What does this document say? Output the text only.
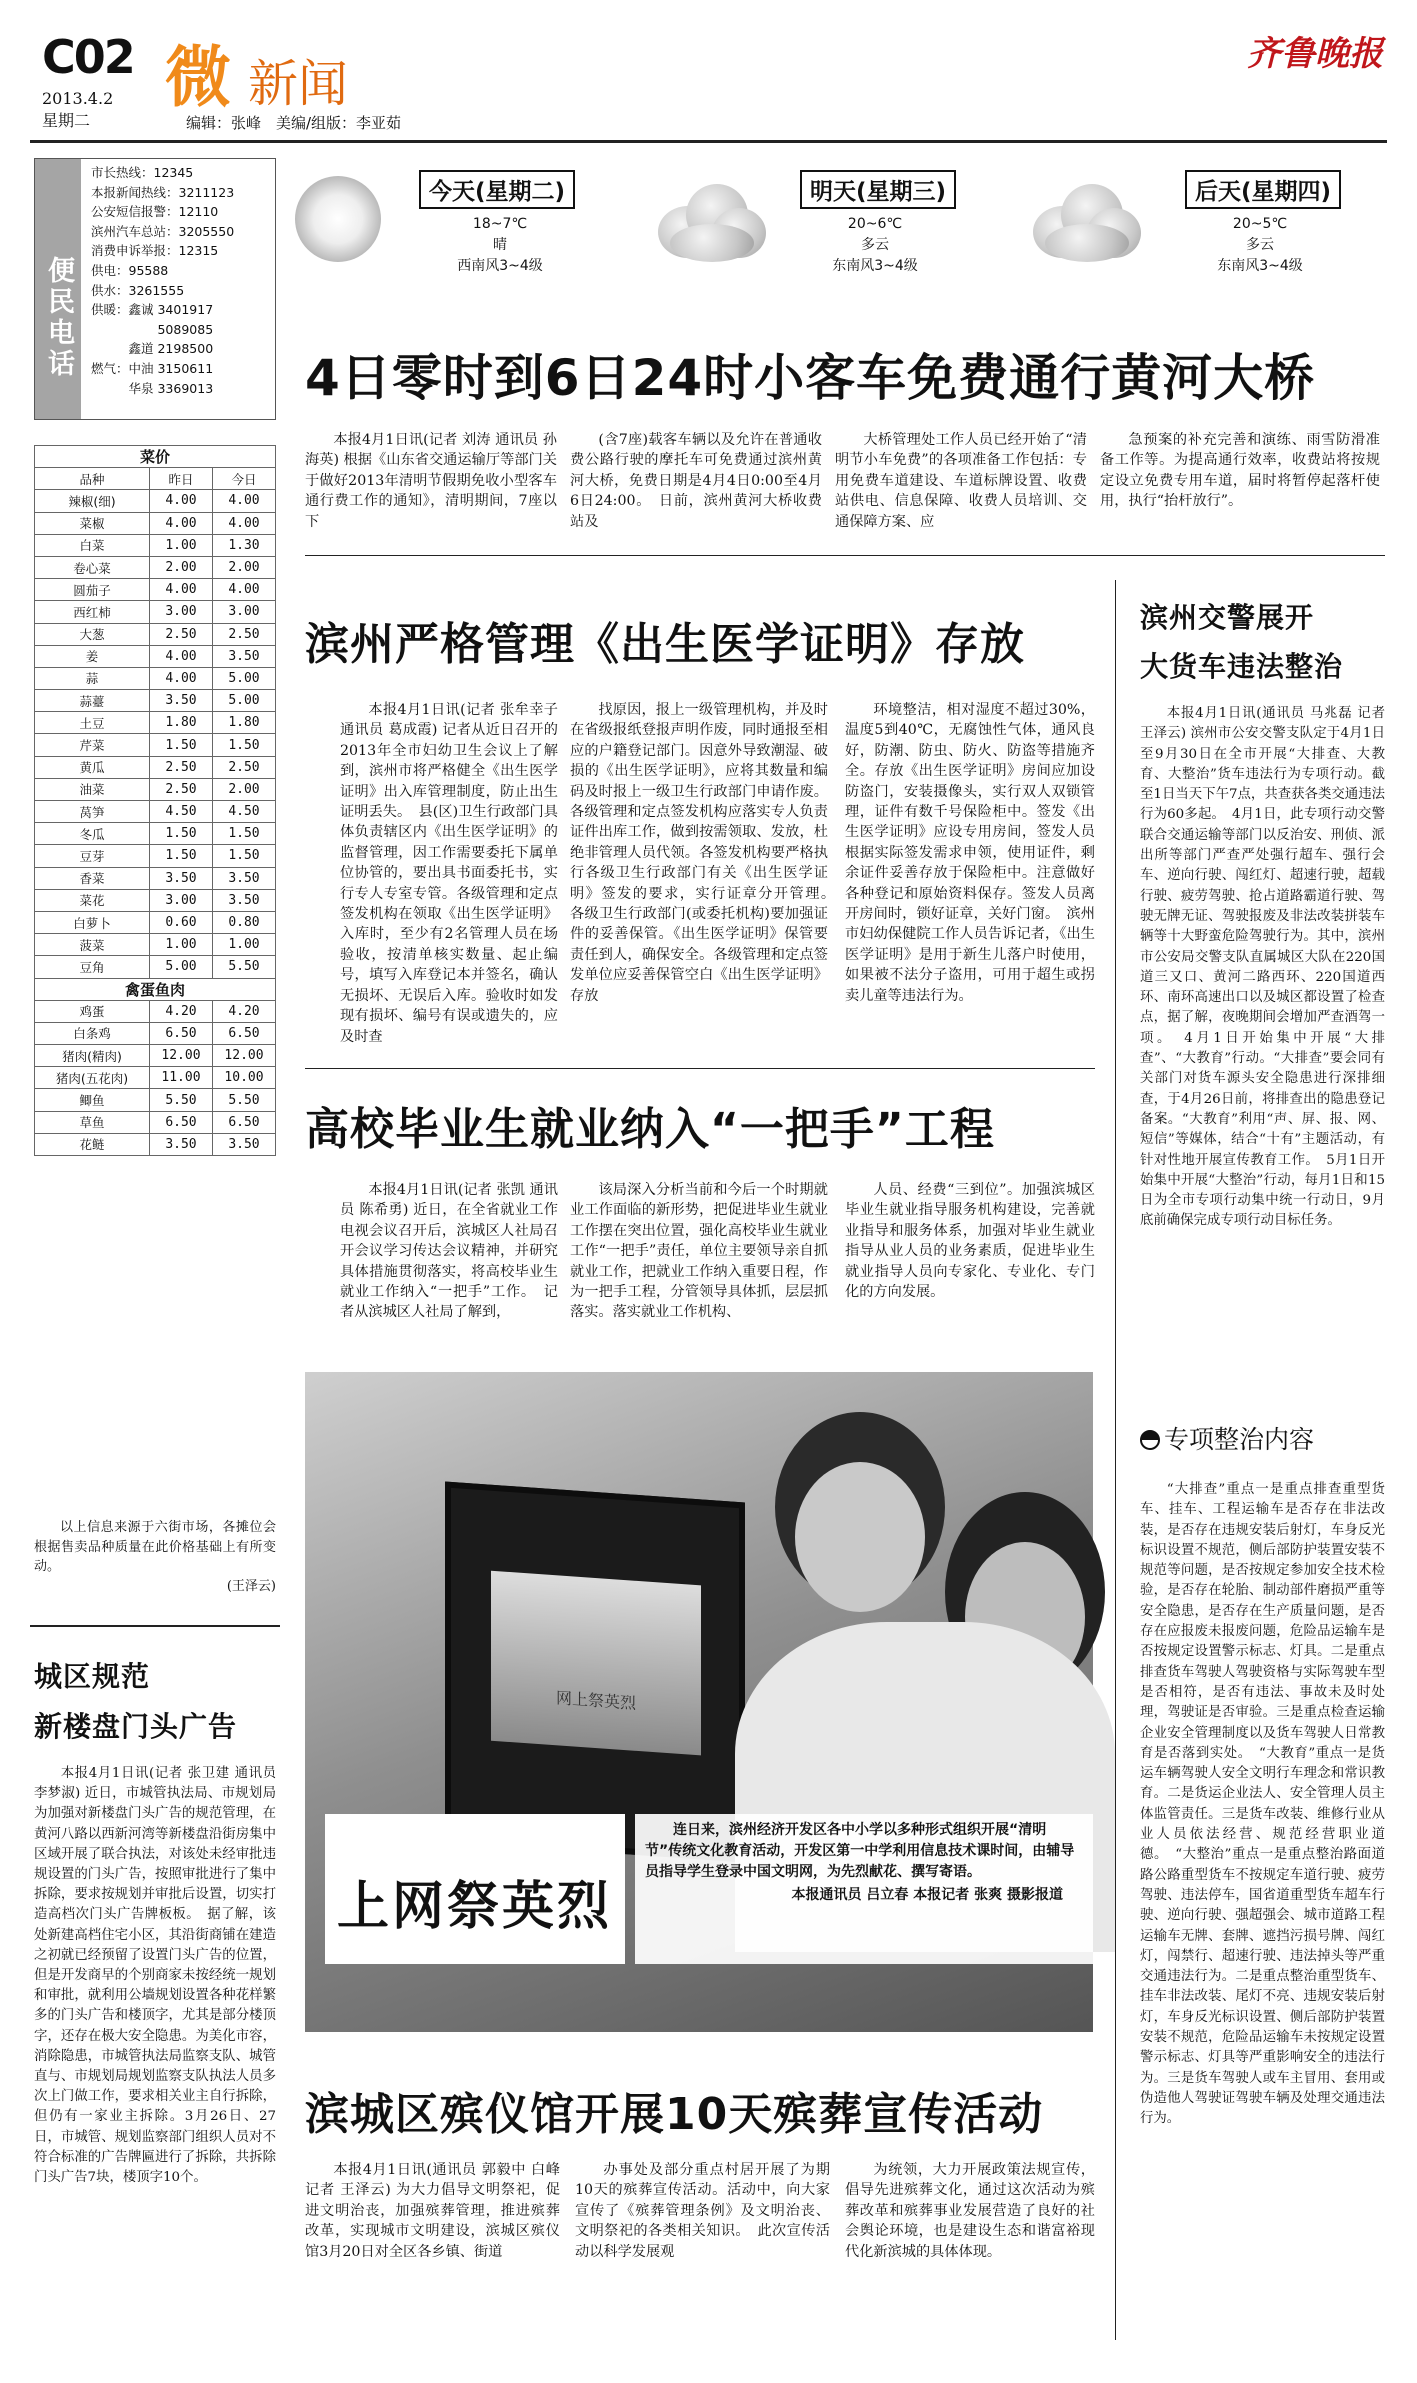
C02
2013.4.2
星期二
微 新闻
编辑：张峰　美编/组版：李亚茹
齐鲁晚报
便民电话
市长热线：12345
本报新闻热线：3211123
公安短信报警：12110
滨州汽车总站：3205550
消费申诉举报：12315
供电：95588
供水：3261555
供暖：鑫诚 3401917
　　　　　 5089085
　　　鑫道 2198500
燃气：中油 3150611
　　　华泉 3369013
今天(星期二)
18~7℃
晴
西南风3~4级
明天(星期三)
20~6℃
多云
东南风3~4级
后天(星期四)
20~5℃
多云
东南风3~4级
4日零时到6日24时小客车免费通行黄河大桥
本报4月1日讯(记者 刘涛 通讯员 孙海英) 根据《山东省交通运输厅等部门关于做好2013年清明节假期免收小型客车通行费工作的通知》，清明期间，7座以下
(含7座)载客车辆以及允许在普通收费公路行驶的摩托车可免费通过滨州黄河大桥，免费日期是4月4日0:00至4月6日24:00。　日前，滨州黄河大桥收费站及
大桥管理处工作人员已经开始了“清明节小车免费”的各项准备工作包括：专用免费车道建设、车道标牌设置、收费站供电、信息保障、收费人员培训、交通保障方案、应
急预案的补充完善和演练、雨雪防滑准备工作等。为提高通行效率，收费站将按规定设立免费专用车道，届时将暂停起落杆使用，执行“抬杆放行”。
滨州严格管理《出生医学证明》存放
本报4月1日讯(记者 张牟幸子 通讯员 葛成霞) 记者从近日召开的2013年全市妇幼卫生会议上了解到，滨州市将严格健全《出生医学证明》出入库管理制度，防止出生证明丢失。　县(区)卫生行政部门具体负责辖区内《出生医学证明》的监督管理，因工作需要委托下属单位协管的，要出具书面委托书，实行专人专室专管。各级管理和定点签发机构在领取《出生医学证明》入库时，至少有2名管理人员在场验收，按清单核实数量、起止编号，填写入库登记本并签名，确认无损坏、无误后入库。验收时如发现有损坏、编号有误或遗失的，应及时查
找原因，报上一级管理机构，并及时在省级报纸登报声明作废，同时通报至相应的户籍登记部门。因意外导致潮湿、破损的《出生医学证明》，应将其数量和编码及时报上一级卫生行政部门申请作废。各级管理和定点签发机构应落实专人负责证件出库工作，做到按需领取、发放，杜绝非管理人员代领。各签发机构要严格执行各级卫生行政部门有关《出生医学证明》签发的要求，实行证章分开管理。　各级卫生行政部门(或委托机构)要加强证件的妥善保管。《出生医学证明》保管要责任到人，确保安全。各级管理和定点签发单位应妥善保管空白《出生医学证明》存放
环境整洁，相对湿度不超过30%，温度5到40℃，无腐蚀性气体，通风良好，防潮、防虫、防火、防盗等措施齐全。存放《出生医学证明》房间应加设防盗门，安装摄像头，实行双人双锁管理，证件有数千号保险柜中。签发《出生医学证明》应设专用房间，签发人员根据实际签发需求申领，使用证件，剩余证件妥善存放于保险柜中。注意做好各种登记和原始资料保存。签发人员离开房间时，锁好证章，关好门窗。　滨州市妇幼保健院工作人员告诉记者，《出生医学证明》是用于新生儿落户时使用，如果被不法分子盗用，可用于超生或拐卖儿童等违法行为。
高校毕业生就业纳入“一把手”工程
本报4月1日讯(记者 张凯 通讯员 陈希勇) 近日，在全省就业工作电视会议召开后，滨城区人社局召开会议学习传达会议精神，并研究具体措施贯彻落实，将高校毕业生就业工作纳入“一把手”工作。　记者从滨城区人社局了解到，
该局深入分析当前和今后一个时期就业工作面临的新形势，把促进毕业生就业工作摆在突出位置，强化高校毕业生就业工作“一把手”责任，单位主要领导亲自抓就业工作，把就业工作纳入重要日程，作为一把手工程，分管领导具体抓，层层抓落实。落实就业工作机构、
人员、经费“三到位”。加强滨城区毕业生就业指导服务机构建设，完善就业指导和服务体系，加强对毕业生就业指导从业人员的业务素质，促进毕业生就业指导人员向专家化、专业化、专门化的方向发展。
网上祭英烈
上网祭英烈
连日来，滨州经济开发区各中小学以多种形式组织开展“清明节”传统文化教育活动，开发区第一中学利用信息技术课时间，由辅导员指导学生登录中国文明网，为先烈献花、撰写寄语。
本报通讯员 吕立春 本报记者 张爽 摄影报道
滨城区殡仪馆开展10天殡葬宣传活动
本报4月1日讯(通讯员 郭毅中 白峰 记者 王泽云) 为大力倡导文明祭祀，促进文明治丧，加强殡葬管理，推进殡葬改革，实现城市文明建设，滨城区殡仪馆3月20日对全区各乡镇、街道
办事处及部分重点村居开展了为期10天的殡葬宣传活动。活动中，向大家宣传了《殡葬管理条例》及文明治丧、文明祭祀的各类相关知识。　此次宣传活动以科学发展观
为统领，大力开展政策法规宣传，倡导先进殡葬文化，通过这次活动为殡葬改革和殡葬事业发展营造了良好的社会舆论环境，也是建设生态和谐富裕现代化新滨城的具体体现。
滨州交警展开
大货车违法整治
本报4月1日讯(通讯员 马兆磊 记者 王泽云) 滨州市公安交警支队定于4月1日至9月30日在全市开展“大排查、大教育、大整治”货车违法行为专项行动。截至1日当天下午7点，共查获各类交通违法行为60多起。　4月1日，此专项行动交警联合交通运输等部门以反治安、刑侦、派出所等部门严查严处强行超车、强行会车、逆向行驶、闯红灯、超速行驶，超载行驶、疲劳驾驶、抢占道路霸道行驶、驾驶无牌无证、驾驶报废及非法改装拼装车辆等十大野蛮危险驾驶行为。其中，滨州市公安局交警支队直属城区大队在220国道三又口、黄河二路西环、220国道西环、南环高速出口以及城区都设置了检查点，据了解，夜晚期间会增加严查酒驾一项。　4月1日开始集中开展“大排查”、“大教育”行动。“大排查”要会同有关部门对货车源头安全隐患进行深排细查，于4月26日前，将排查出的隐患登记备案。“大教育”利用“声、屏、报、网、短信”等媒体，结合“十有”主题活动，有针对性地开展宣传教育工作。　5月1日开始集中开展“大整治”行动，每月1日和15日为全市专项行动集中统一行动日，9月底前确保完成专项行动目标任务。
专项整治内容
“大排查”重点一是重点排查重型货车、挂车、工程运输车是否存在非法改装，是否存在违规安装后射灯，车身反光标识设置不规范，侧后部防护装置安装不规范等问题，是否按规定参加安全技术检验，是否存在轮胎、制动部件磨损严重等安全隐患，是否存在生产质量问题，是否存在应报废未报废问题，危险品运输车是否按规定设置警示标志、灯具。二是重点排查货车驾驶人驾驶资格与实际驾驶车型是否相符，是否有违法、事故未及时处理，驾驶证是否审验。三是重点检查运输企业安全管理制度以及货车驾驶人日常教育是否落到实处。　“大教育”重点一是货运车辆驾驶人安全文明行车理念和常识教育。二是货运企业法人、安全管理人员主体监管责任。三是货车改装、维修行业从业人员依法经营、规范经营职业道德。　“大整治”重点一是重点整治路面道路公路重型货车不按规定车道行驶、疲劳驾驶、违法停车，国省道重型货车超车行驶、逆向行驶、强超强会、城市道路工程运输车无牌、套牌、遮挡污损号牌、闯红灯，闯禁行、超速行驶、违法掉头等严重交通违法行为。二是重点整治重型货车、挂车非法改装、尾灯不亮、违规安装后射灯，车身反光标识设置、侧后部防护装置安装不规范，危险品运输车未按规定设置警示标志、灯具等严重影响安全的违法行为。三是货车驾驶人或车主冒用、套用或伪造他人驾驶证驾驶车辆及处理交通违法行为。
菜价		
品种	昨日	今日
辣椒(细)	4.00	4.00
菜椒	4.00	4.00
白菜	1.00	1.30
卷心菜	2.00	2.00
圆茄子	4.00	4.00
西红柿	3.00	3.00
大葱	2.50	2.50
姜	4.00	3.50
蒜	4.00	5.00
蒜薹	3.50	5.00
土豆	1.80	1.80
芹菜	1.50	1.50
黄瓜	2.50	2.50
油菜	2.50	2.00
莴笋	4.50	4.50
冬瓜	1.50	1.50
豆芽	1.50	1.50
香菜	3.50	3.50
菜花	3.00	3.50
白萝卜	0.60	0.80
菠菜	1.00	1.00
豆角	5.00	5.50
禽蛋鱼肉		
鸡蛋	4.20	4.20
白条鸡	6.50	6.50
猪肉(精肉)	12.00	12.00
猪肉(五花肉)	11.00	10.00
鲫鱼	5.50	5.50
草鱼	6.50	6.50
花鲢	3.50	3.50
以上信息来源于六街市场，各摊位会根据售卖品种质量在此价格基础上有所变动。
(王泽云)
城区规范
新楼盘门头广告
本报4月1日讯(记者 张卫建 通讯员 李梦淑) 近日，市城管执法局、市规划局为加强对新楼盘门头广告的规范管理，在黄河八路以西新河湾等新楼盘沿街房集中区域开展了联合执法，对该处未经审批违规设置的门头广告，按照审批进行了集中拆除，要求按规划并审批后设置，切实打造高档次门头广告牌板板。　据了解，该处新建高档住宅小区，其沿街商铺在建造之初就已经预留了设置门头广告的位置，但是开发商早的个别商家未按经统一规划和审批，就利用公墙规划设置各种花样繁多的门头广告和楼顶字，尤其是部分楼顶字，还存在极大安全隐患。为美化市容，消除隐患，市城管执法局监察支队、城管直与、市规划局规划监察支队执法人员多次上门做工作，要求相关业主自行拆除，但仍有一家业主拆除。3月26日、27日，市城管、规划监察部门组织人员对不符合标准的广告牌匾进行了拆除，共拆除门头广告7块，楼顶字10个。
